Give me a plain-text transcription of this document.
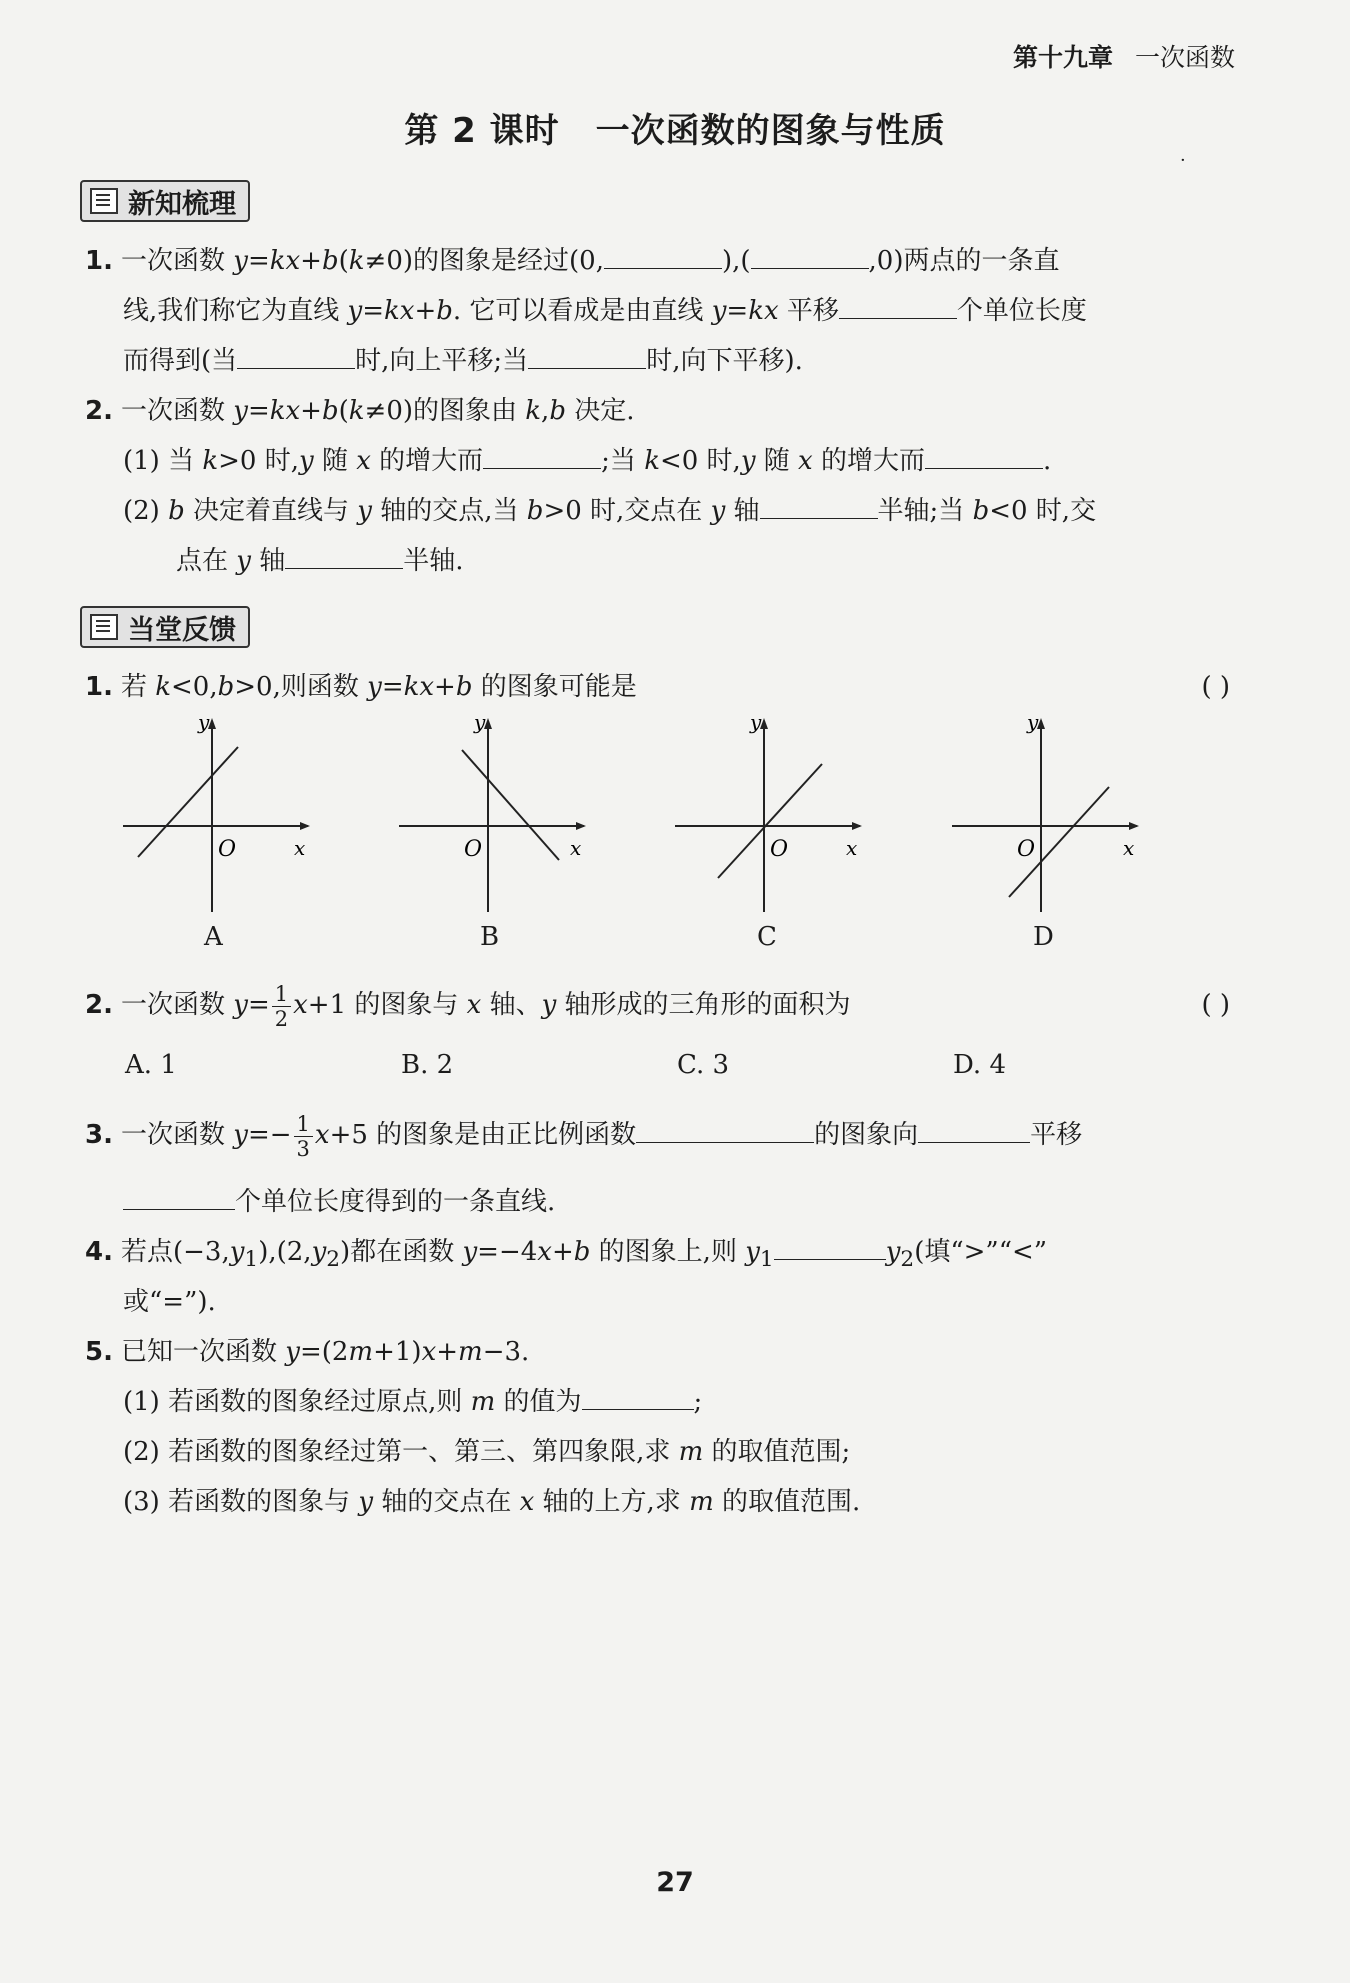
第十九章 一次函数
第 2 课时 一次函数的图象与性质
·
新知梳理
1. 一次函数 y=kx+b(k≠0)的图象是经过(0,	),(	,0)两点的一条直
线,我们称它为直线 y=kx+b. 它可以看成是由直线 y=kx 平移	个单位长度
而得到(当	时,向上平移;当	时,向下平移).
2. 一次函数 y=kx+b(k≠0)的图象由 k,b 决定.
(1) 当 k>0 时,y 随 x 的增大而	;当 k<0 时,y 随 x 的增大而	.
(2) b 决定着直线与 y 轴的交点,当 b>0 时,交点在 y 轴	半轴;当 b<0 时,交
点在 y 轴	半轴.
当堂反馈
1. 若 k<0,b>0,则函数 y=kx+b 的图象可能是	( )
y
O	x
y
O	x
y
O	x
y
O	x
A	B	C	D
2. 一次函数 $y= \frac{1}{2} x+1$ 的图象与 x 轴、y 轴形成的三角形的面积为	( )
A. 1	B. 2	C. 3	D. 4
3. 一次函数 $y=- \frac{1}{3} x+5$ 的图象是由正比例函数	的图象向	平移
个单位长度得到的一条直线.
4. 若点$(-3,y_1),(2,y_2)$都在函数 y=−4x+b 的图象上,则 $y_1$	$y_2$(填“>”“<”
或“=”).
5. 已知一次函数 y=(2m+1)x+m−3.
(1) 若函数的图象经过原点,则 m 的值为	;
(2) 若函数的图象经过第一、第三、第四象限,求 m 的取值范围;
(3) 若函数的图象与 y 轴的交点在 x 轴的上方,求 m 的取值范围.
27
